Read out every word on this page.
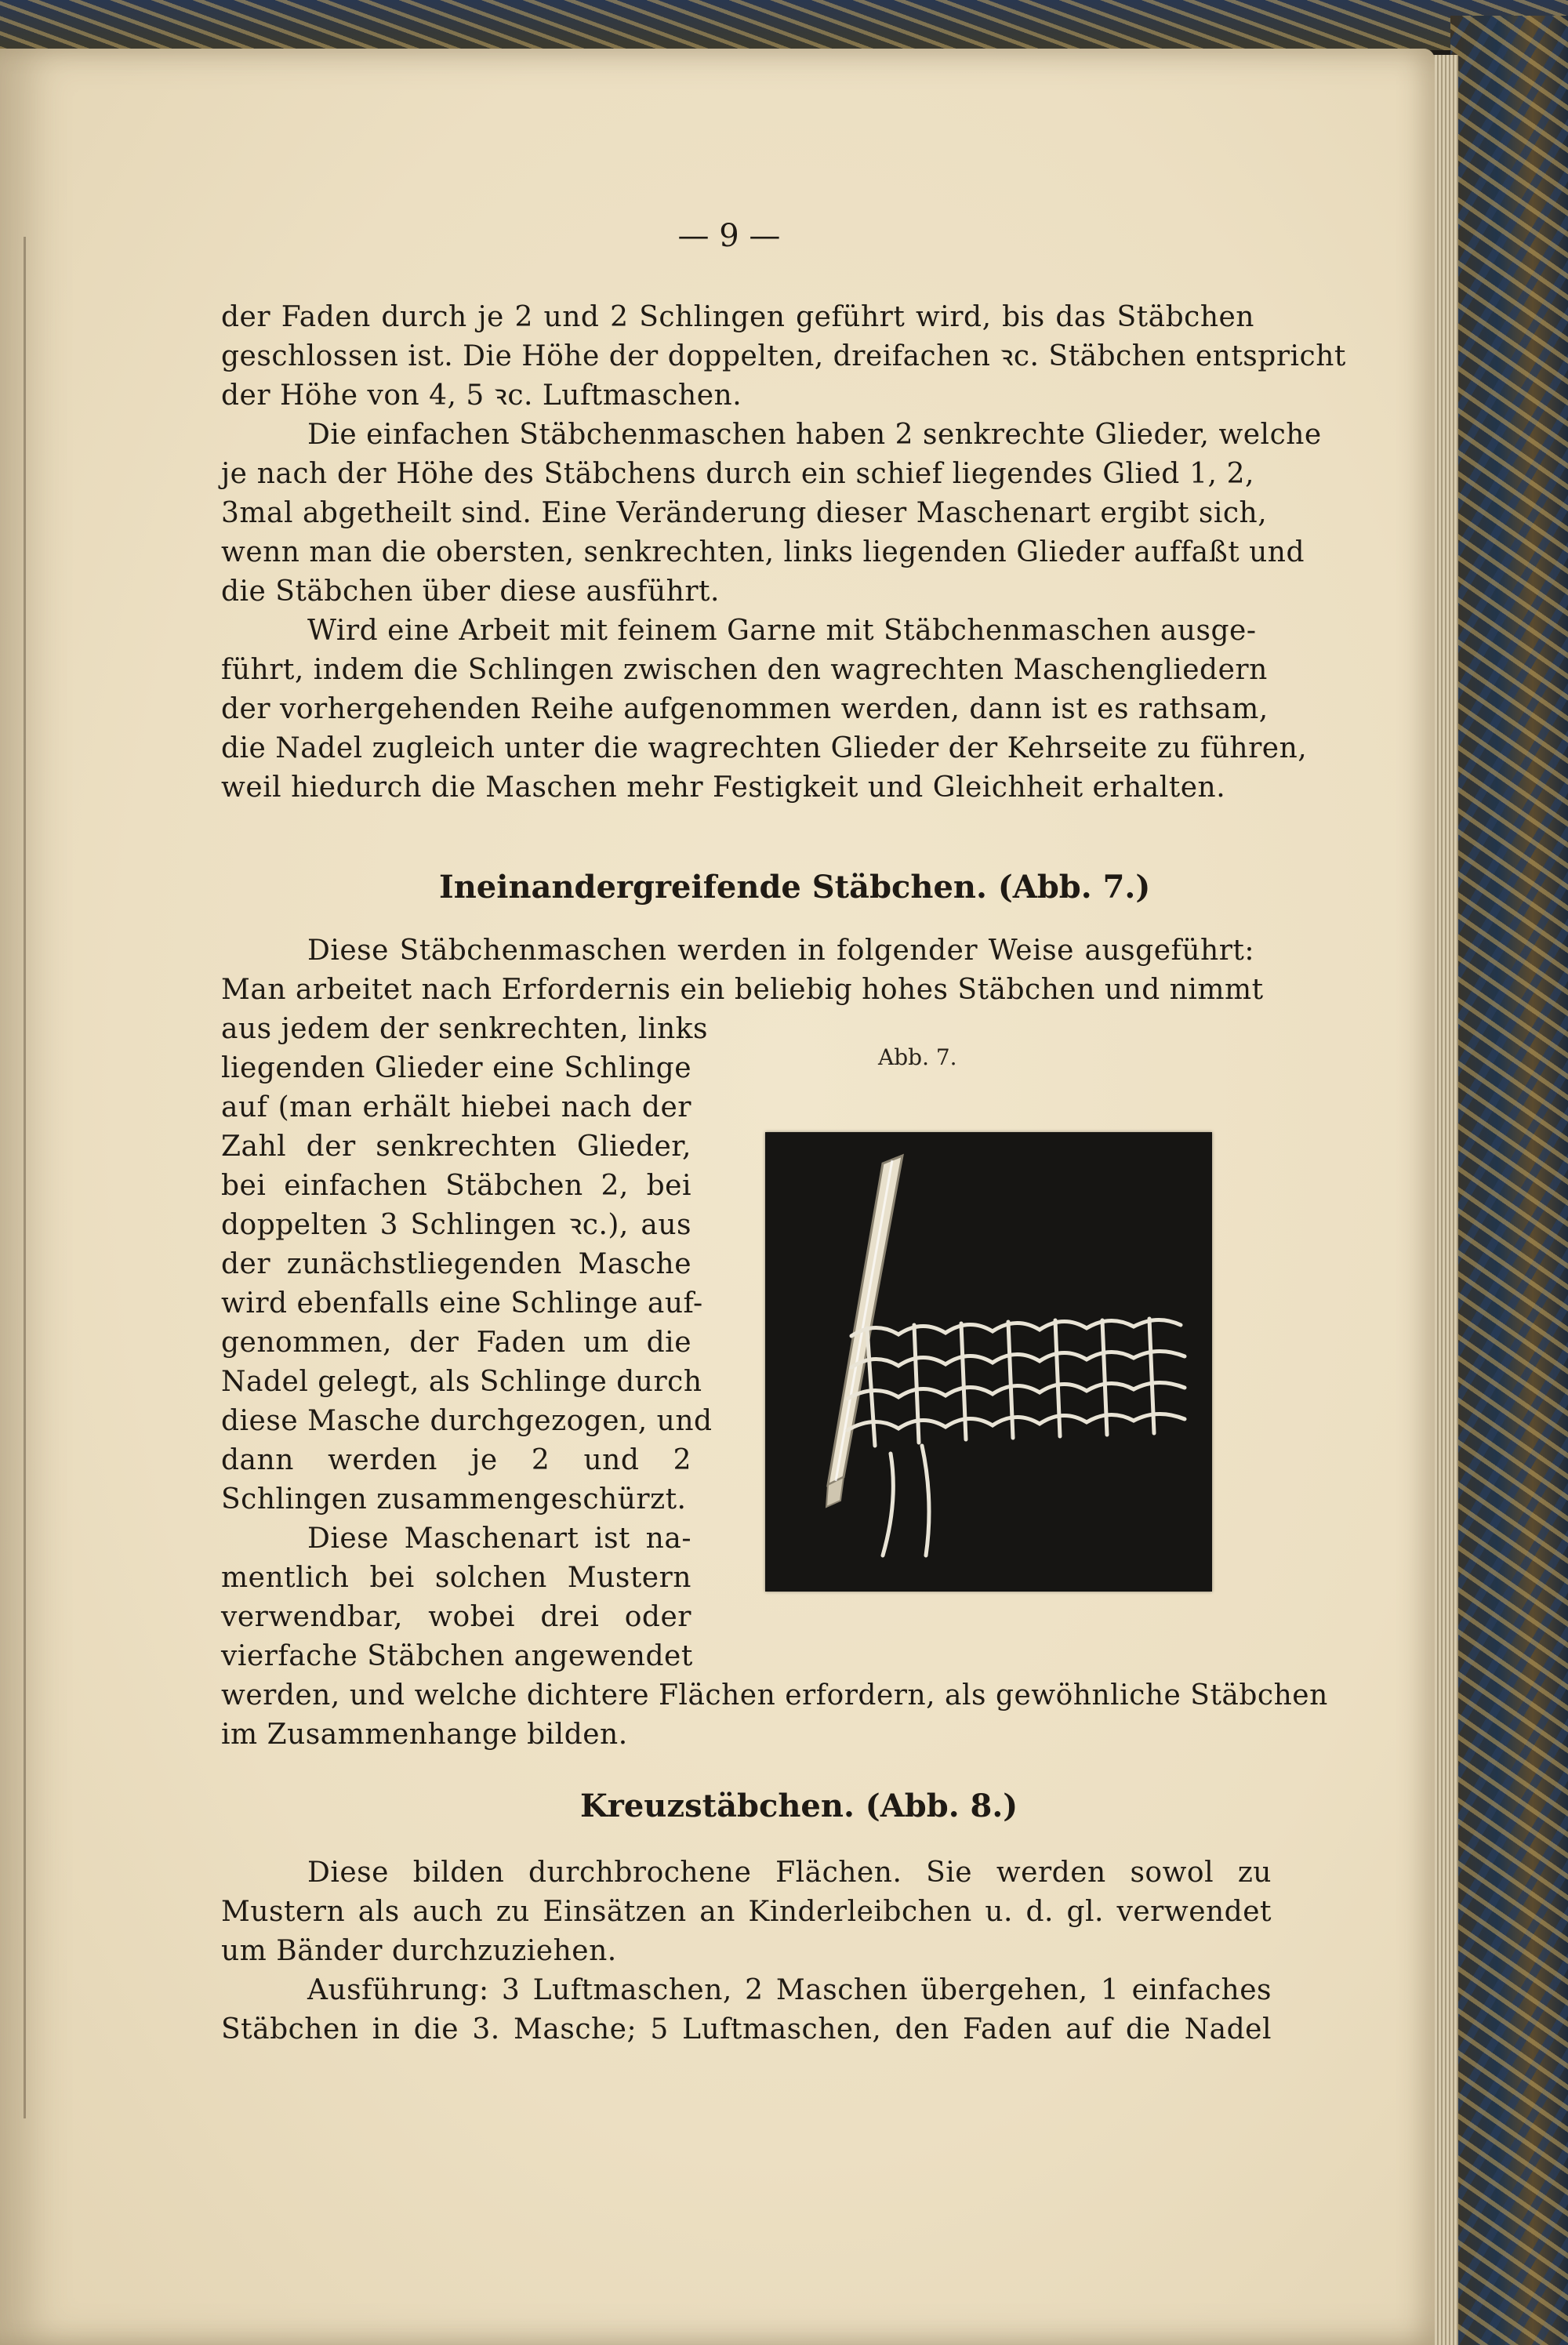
— 9 —
der Faden durch je 2 und 2 Schlingen geführt wird, bis das Stäbchen
geschlossen ist. Die Höhe der doppelten, dreifachen ꝛc. Stäbchen entspricht
der Höhe von 4, 5 ꝛc. Luftmaschen.
Die einfachen Stäbchenmaschen haben 2 senkrechte Glieder, welche
je nach der Höhe des Stäbchens durch ein schief liegendes Glied 1, 2,
3mal abgetheilt sind. Eine Veränderung dieser Maschenart ergibt sich,
wenn man die obersten, senkrechten, links liegenden Glieder auffaßt und
die Stäbchen über diese ausführt.
Wird eine Arbeit mit feinem Garne mit Stäbchenmaschen ausge-
führt, indem die Schlingen zwischen den wagrechten Maschengliedern
der vorhergehenden Reihe aufgenommen werden, dann ist es rathsam,
die Nadel zugleich unter die wagrechten Glieder der Kehrseite zu führen,
weil hiedurch die Maschen mehr Festigkeit und Gleichheit erhalten.
Ineinandergreifende Stäbchen. (Abb. 7.)
Diese Stäbchenmaschen werden in folgender Weise ausgeführt:
Man arbeitet nach Erfordernis ein beliebig hohes Stäbchen und nimmt
aus jedem der senkrechten, links
liegenden Glieder eine Schlinge
auf (man erhält hiebei nach der
Zahl der senkrechten Glieder,
bei einfachen Stäbchen 2, bei
doppelten 3 Schlingen ꝛc.), aus
der zunächstliegenden Masche
wird ebenfalls eine Schlinge auf-
genommen, der Faden um die
Nadel gelegt, als Schlinge durch
diese Masche durchgezogen, und
dann werden je 2 und 2
Schlingen zusammengeschürzt.
Diese Maschenart ist na-
mentlich bei solchen Mustern
verwendbar, wobei drei oder
vierfache Stäbchen angewendet
werden, und welche dichtere Flächen erfordern, als gewöhnliche Stäbchen
im Zusammenhange bilden.
Abb. 7.
Kreuzstäbchen. (Abb. 8.)
Diese bilden durchbrochene Flächen. Sie werden sowol zu
Mustern als auch zu Einsätzen an Kinderleibchen u. d. gl. verwendet
um Bänder durchzuziehen.
Ausführung: 3 Luftmaschen, 2 Maschen übergehen, 1 einfaches
Stäbchen in die 3. Masche; 5 Luftmaschen, den Faden auf die Nadel
